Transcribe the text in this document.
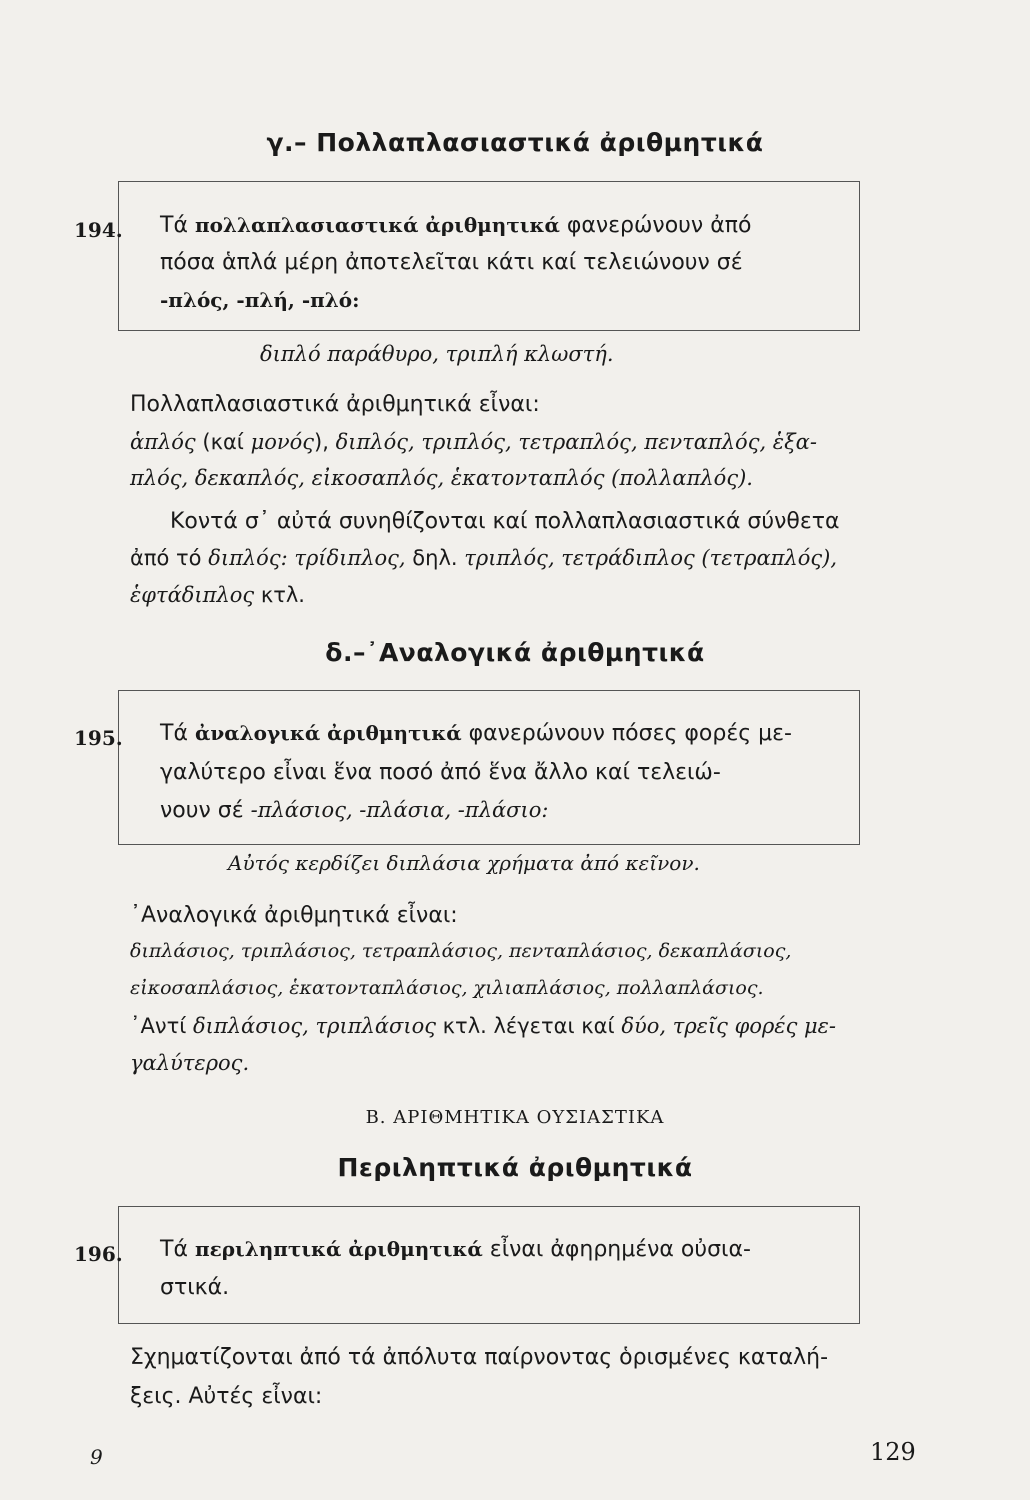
γ.– Πολλαπλασιαστικά ἀριθμητικά
194. Τά πολλαπλασιαστικά ἀριθμητικά φανερώνουν ἀπό
πόσα ἁπλά μέρη ἀποτελεῖται κάτι καί τελειώνουν σέ
-πλός, -πλή, -πλό:
διπλό παράθυρο, τριπλή κλωστή.
Πολλαπλασιαστικά ἀριθμητικά εἶναι:
ἁπλός (καί μονός), διπλός, τριπλός, τετραπλός, πενταπλός, ἑξα-
πλός, δεκαπλός, εἰκοσαπλός, ἑκατονταπλός (πολλαπλός).
Κοντά σ᾽ αὐτά συνηθίζονται καί πολλαπλασιαστικά σύνθετα
ἀπό τό διπλός: τρίδιπλος, δηλ. τριπλός, τετράδιπλος (τετραπλός),
ἑφτάδιπλος κτλ.
δ.–᾽Αναλογικά ἀριθμητικά
195. Τά ἀναλογικά ἀριθμητικά φανερώνουν πόσες φορές με-
γαλύτερο εἶναι ἕνα ποσό ἀπό ἕνα ἄλλο καί τελειώ-
νουν σέ -πλάσιος, -πλάσια, -πλάσιο:
Αὐτός κερδίζει διπλάσια χρήματα ἀπό κεῖνον.
᾽Αναλογικά ἀριθμητικά εἶναι:
διπλάσιος, τριπλάσιος, τετραπλάσιος, πενταπλάσιος, δεκαπλάσιος,
εἰκοσαπλάσιος, ἑκατονταπλάσιος, χιλιαπλάσιος, πολλαπλάσιος.
᾽Αντί διπλάσιος, τριπλάσιος κτλ. λέγεται καί δύο, τρεῖς φορές με-
γαλύτερος.
Β. ΑΡΙΘΜΗΤΙΚΑ ΟΥΣΙΑΣΤΙΚΑ
Περιληπτικά ἀριθμητικά
196. Τά περιληπτικά ἀριθμητικά εἶναι ἀφηρημένα οὐσια-
στικά.
Σχηματίζονται ἀπό τά ἀπόλυτα παίρνοντας ὁρισμένες καταλή-
ξεις. Αὐτές εἶναι:
9	129
